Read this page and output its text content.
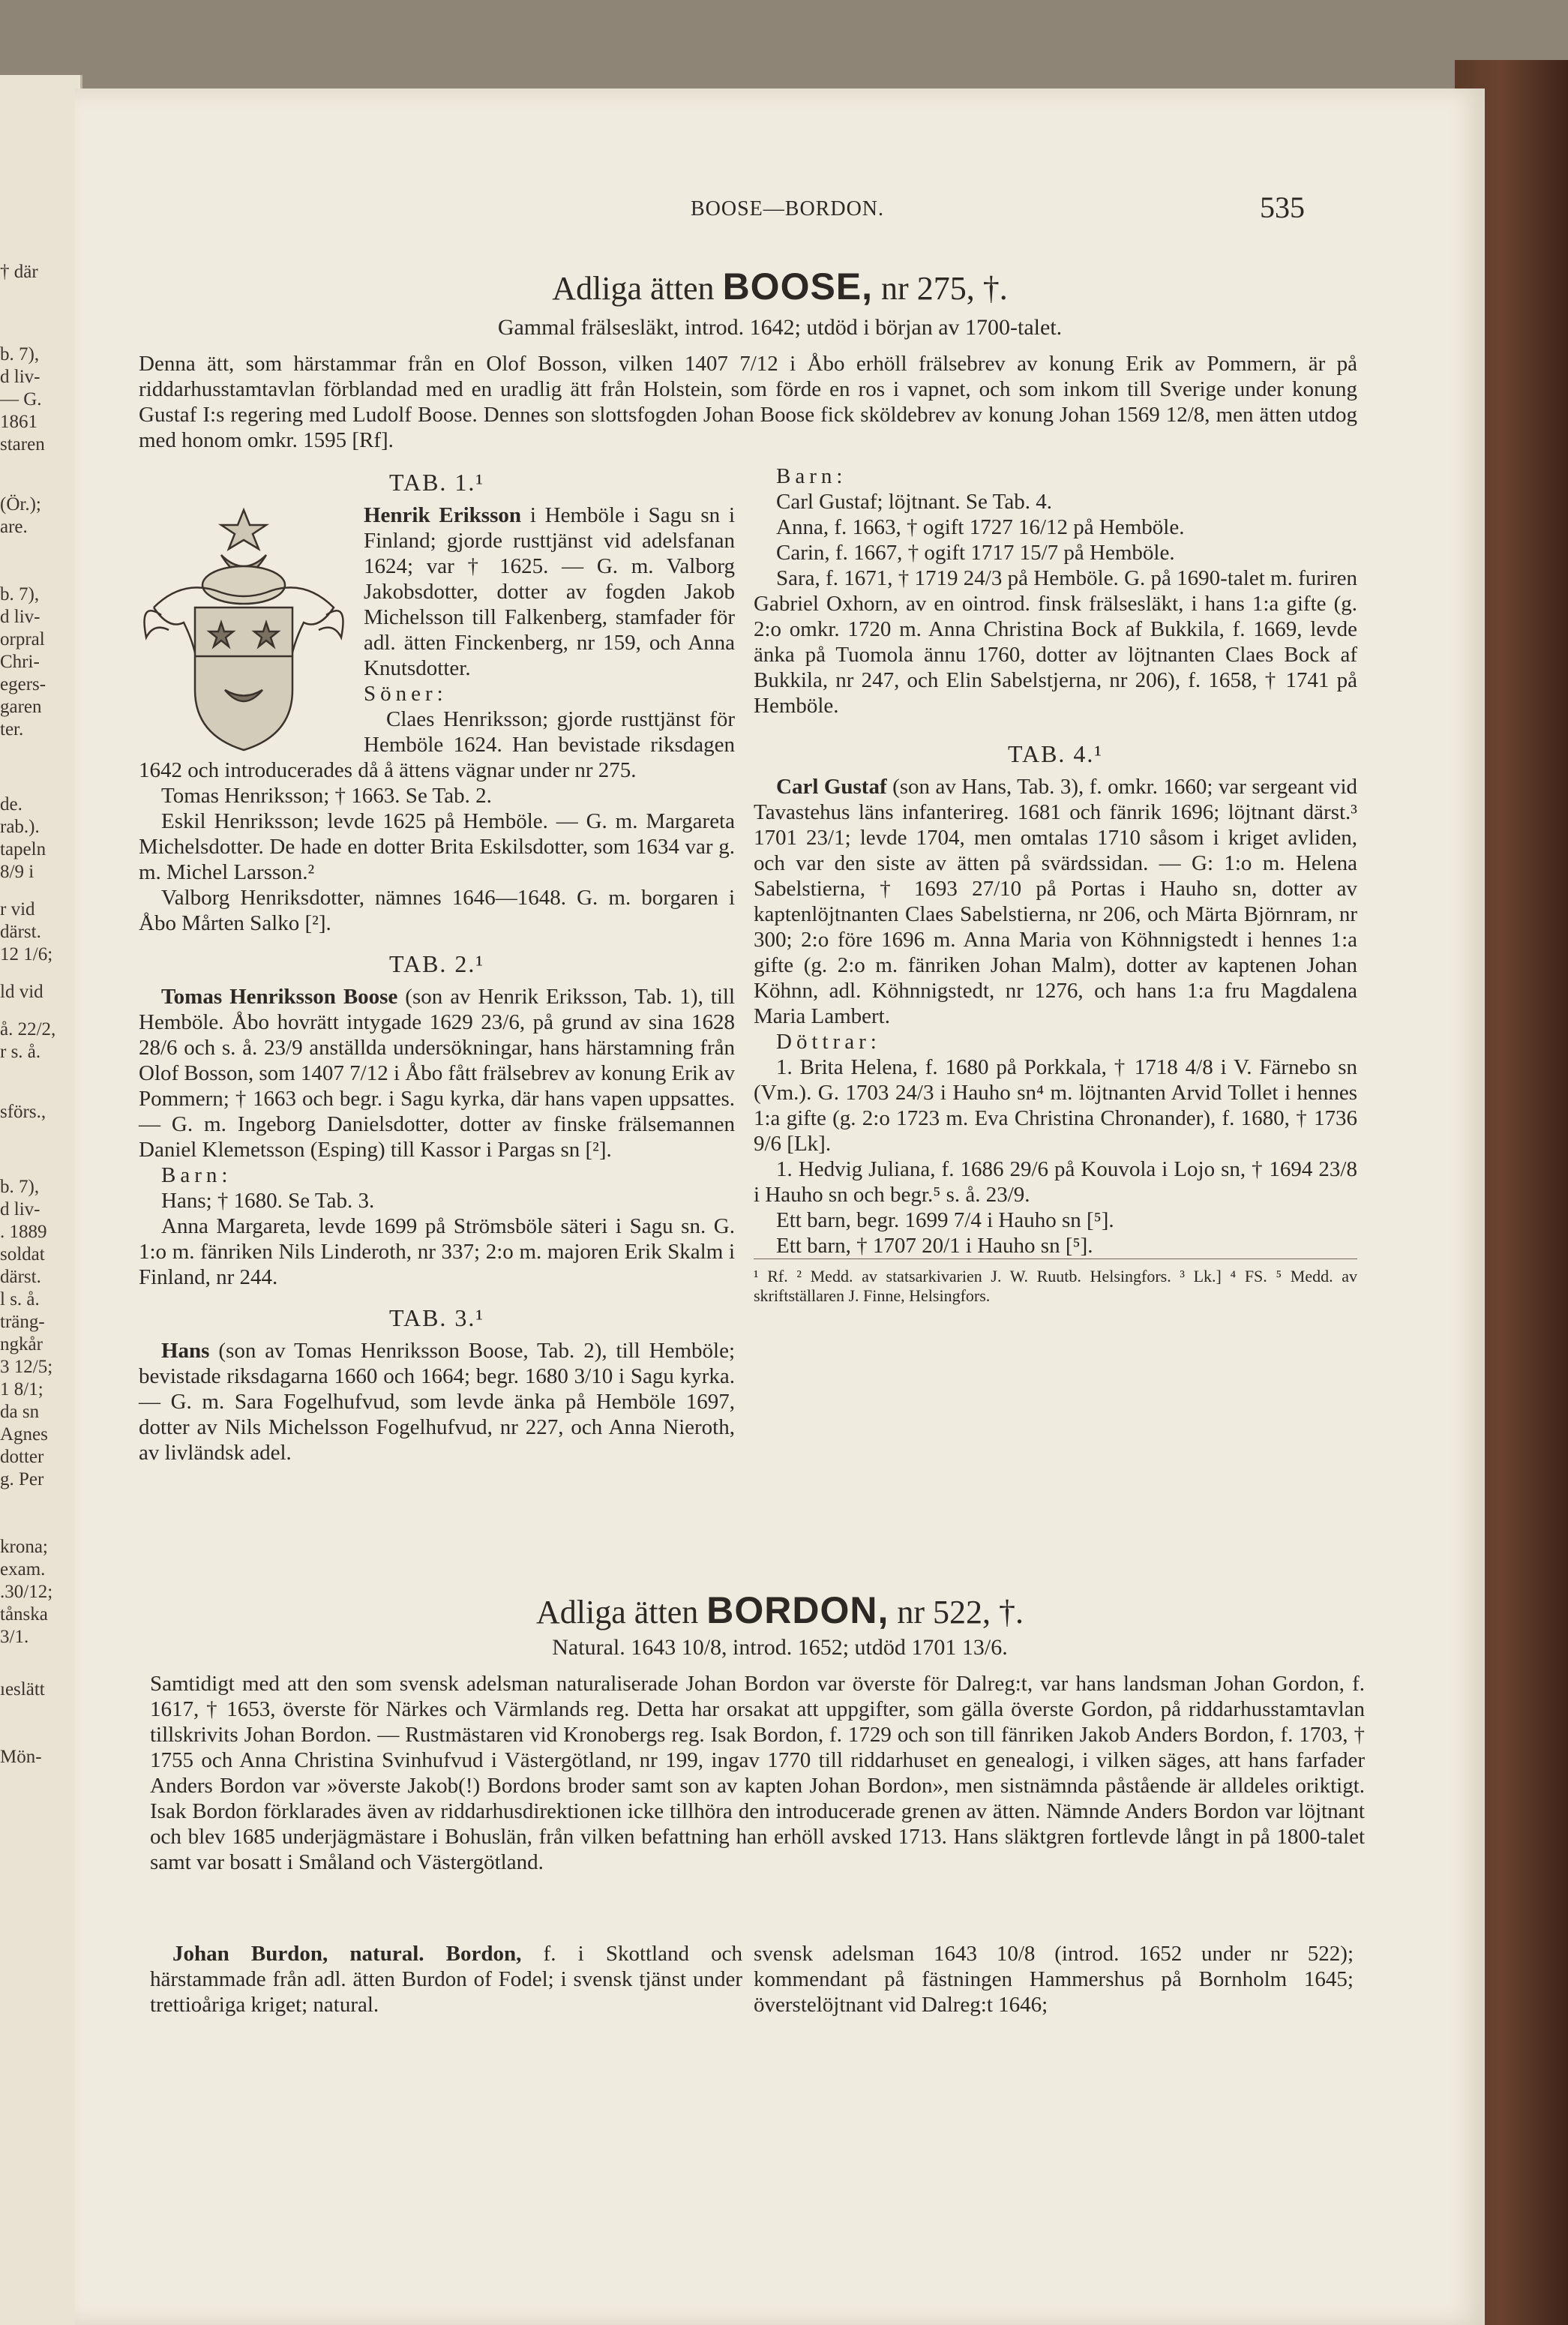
† där
b. 7),
d liv-
— G.
1861
staren
(Ör.);
are.
b. 7),
d liv-
orpral
Chri-
egers-
garen
ter.
de.
rab.).
tapeln
8/9 i
r vid
därst.
12 1/6;
ld vid
å. 22/2,
r s. å.
sförs.,
b. 7),
d liv-
. 1889
soldat
därst.
l s. å.
träng-
ngkår
3 12/5;
1 8/1;
da sn
Agnes
dotter
g. Per
krona;
exam.
.30/12;
tånska
3/1.
ıeslätt
Mön-
BOOSE—BORDON.	535
Adliga ätten BOOSE, nr 275, †.
Gammal frälsesläkt, introd. 1642; utdöd i början av 1700-talet.
Denna ätt, som härstammar från en Olof Bosson, vilken 1407 7/12 i Åbo erhöll frälsebrev av konung Erik av Pommern, är på riddarhusstamtavlan förblandad med en uradlig ätt från Holstein, som förde en ros i vapnet, och som inkom till Sverige under konung Gustaf I:s regering med Ludolf Boose. Dennes son slottsfogden Johan Boose fick sköldebrev av konung Johan 1569 12/8, men ätten utdog med honom omkr. 1595 [Rf].
TAB. 1.¹

Henrik Eriksson i Hemböle i Sagu sn i Finland; gjorde rusttjänst vid adelsfanan 1624; var † 1625. — G. m. Valborg Jakobsdotter, dotter av fogden Jakob Michelsson till Falkenberg, stamfader för adl. ätten Finckenberg, nr 159, och Anna Knutsdotter.

Söner:

Claes Henriksson; gjorde rusttjänst för Hemböle 1624. Han bevistade riksdagen 1642 och introducerades då å ättens vägnar under nr 275.

Tomas Henriksson; † 1663. Se Tab. 2.

Eskil Henriksson; levde 1625 på Hemböle. — G. m. Margareta Michelsdotter. De hade en dotter Brita Eskilsdotter, som 1634 var g. m. Michel Larsson.²

Valborg Henriksdotter, nämnes 1646—1648. G. m. borgaren i Åbo Mårten Salko [²].

TAB. 2.¹

Tomas Henriksson Boose (son av Henrik Eriksson, Tab. 1), till Hemböle. Åbo hovrätt intygade 1629 23/6, på grund av sina 1628 28/6 och s. å. 23/9 anställda undersökningar, hans härstamning från Olof Bosson, som 1407 7/12 i Åbo fått frälsebrev av konung Erik av Pommern; † 1663 och begr. i Sagu kyrka, där hans vapen uppsattes. — G. m. Ingeborg Danielsdotter, dotter av finske frälsemannen Daniel Klemetsson (Esping) till Kassor i Pargas sn [²].

Barn:

Hans; † 1680. Se Tab. 3.

Anna Margareta, levde 1699 på Strömsböle säteri i Sagu sn. G. 1:o m. fänriken Nils Linderoth, nr 337; 2:o m. majoren Erik Skalm i Finland, nr 244.

TAB. 3.¹

Hans (son av Tomas Henriksson Boose, Tab. 2), till Hemböle; bevistade riksdagarna 1660 och 1664; begr. 1680 3/10 i Sagu kyrka. — G. m. Sara Fogelhufvud, som levde änka på Hemböle 1697, dotter av Nils Michelsson Fogelhufvud, nr 227, och Anna Nieroth, av livländsk adel.

Barn:

Carl Gustaf; löjtnant. Se Tab. 4.

Anna, f. 1663, † ogift 1727 16/12 på Hemböle.

Carin, f. 1667, † ogift 1717 15/7 på Hemböle.

Sara, f. 1671, † 1719 24/3 på Hemböle. G. på 1690-talet m. furiren Gabriel Oxhorn, av en ointrod. finsk frälsesläkt, i hans 1:a gifte (g. 2:o omkr. 1720 m. Anna Christina Bock af Bukkila, f. 1669, levde änka på Tuomola ännu 1760, dotter av löjtnanten Claes Bock af Bukkila, nr 247, och Elin Sabelstjerna, nr 206), f. 1658, † 1741 på Hemböle.

TAB. 4.¹

Carl Gustaf (son av Hans, Tab. 3), f. omkr. 1660; var sergeant vid Tavastehus läns infanterireg. 1681 och fänrik 1696; löjtnant därst.³ 1701 23/1; levde 1704, men omtalas 1710 såsom i kriget avliden, och var den siste av ätten på svärdssidan. — G: 1:o m. Helena Sabelstierna, † 1693 27/10 på Portas i Hauho sn, dotter av kaptenlöjtnanten Claes Sabelstierna, nr 206, och Märta Björnram, nr 300; 2:o före 1696 m. Anna Maria von Köhnnigstedt i hennes 1:a gifte (g. 2:o m. fänriken Johan Malm), dotter av kaptenen Johan Köhnn, adl. Köhnnigstedt, nr 1276, och hans 1:a fru Magdalena Maria Lambert.

Döttrar:

1. Brita Helena, f. 1680 på Porkkala, † 1718 4/8 i V. Färnebo sn (Vm.). G. 1703 24/3 i Hauho sn⁴ m. löjtnanten Arvid Tollet i hennes 1:a gifte (g. 2:o 1723 m. Eva Christina Chronander), f. 1680, † 1736 9/6 [Lk].

1. Hedvig Juliana, f. 1686 29/6 på Kouvola i Lojo sn, † 1694 23/8 i Hauho sn och begr.⁵ s. å. 23/9.

Ett barn, begr. 1699 7/4 i Hauho sn [⁵].

Ett barn, † 1707 20/1 i Hauho sn [⁵].

¹ Rf. ² Medd. av statsarkivarien J. W. Ruutb. Helsingfors. ³ Lk.] ⁴ FS. ⁵ Medd. av skriftställaren J. Finne, Helsingfors.

Adliga ätten BORDON, nr 522, †.
Natural. 1643 10/8, introd. 1652; utdöd 1701 13/6.
Samtidigt med att den som svensk adelsman naturaliserade Johan Bordon var överste för Dalreg:t, var hans landsman Johan Gordon, f. 1617, † 1653, överste för Närkes och Värmlands reg. Detta har orsakat att uppgifter, som gälla överste Gordon, på riddarhusstamtavlan tillskrivits Johan Bordon. — Rustmästaren vid Kronobergs reg. Isak Bordon, f. 1729 och son till fänriken Jakob Anders Bordon, f. 1703, † 1755 och Anna Christina Svinhufvud i Västergötland, nr 199, ingav 1770 till riddarhuset en genealogi, i vilken säges, att hans farfader Anders Bordon var »överste Jakob(!) Bordons broder samt son av kapten Johan Bordon», men sistnämnda påstående är alldeles oriktigt. Isak Bordon förklarades även av riddarhusdirektionen icke tillhöra den introducerade grenen av ätten. Nämnde Anders Bordon var löjtnant och blev 1685 underjägmästare i Bohuslän, från vilken befattning han erhöll avsked 1713. Hans släktgren fortlevde långt in på 1800-talet samt var bosatt i Småland och Västergötland.

Johan Burdon, natural. Bordon, f. i Skottland och härstammade från adl. ätten Burdon of Fodel; i svensk tjänst under trettioåriga kriget; natural.

svensk adelsman 1643 10/8 (introd. 1652 under nr 522); kommendant på fästningen Hammershus på Bornholm 1645; överstelöjtnant vid Dalreg:t 1646;
